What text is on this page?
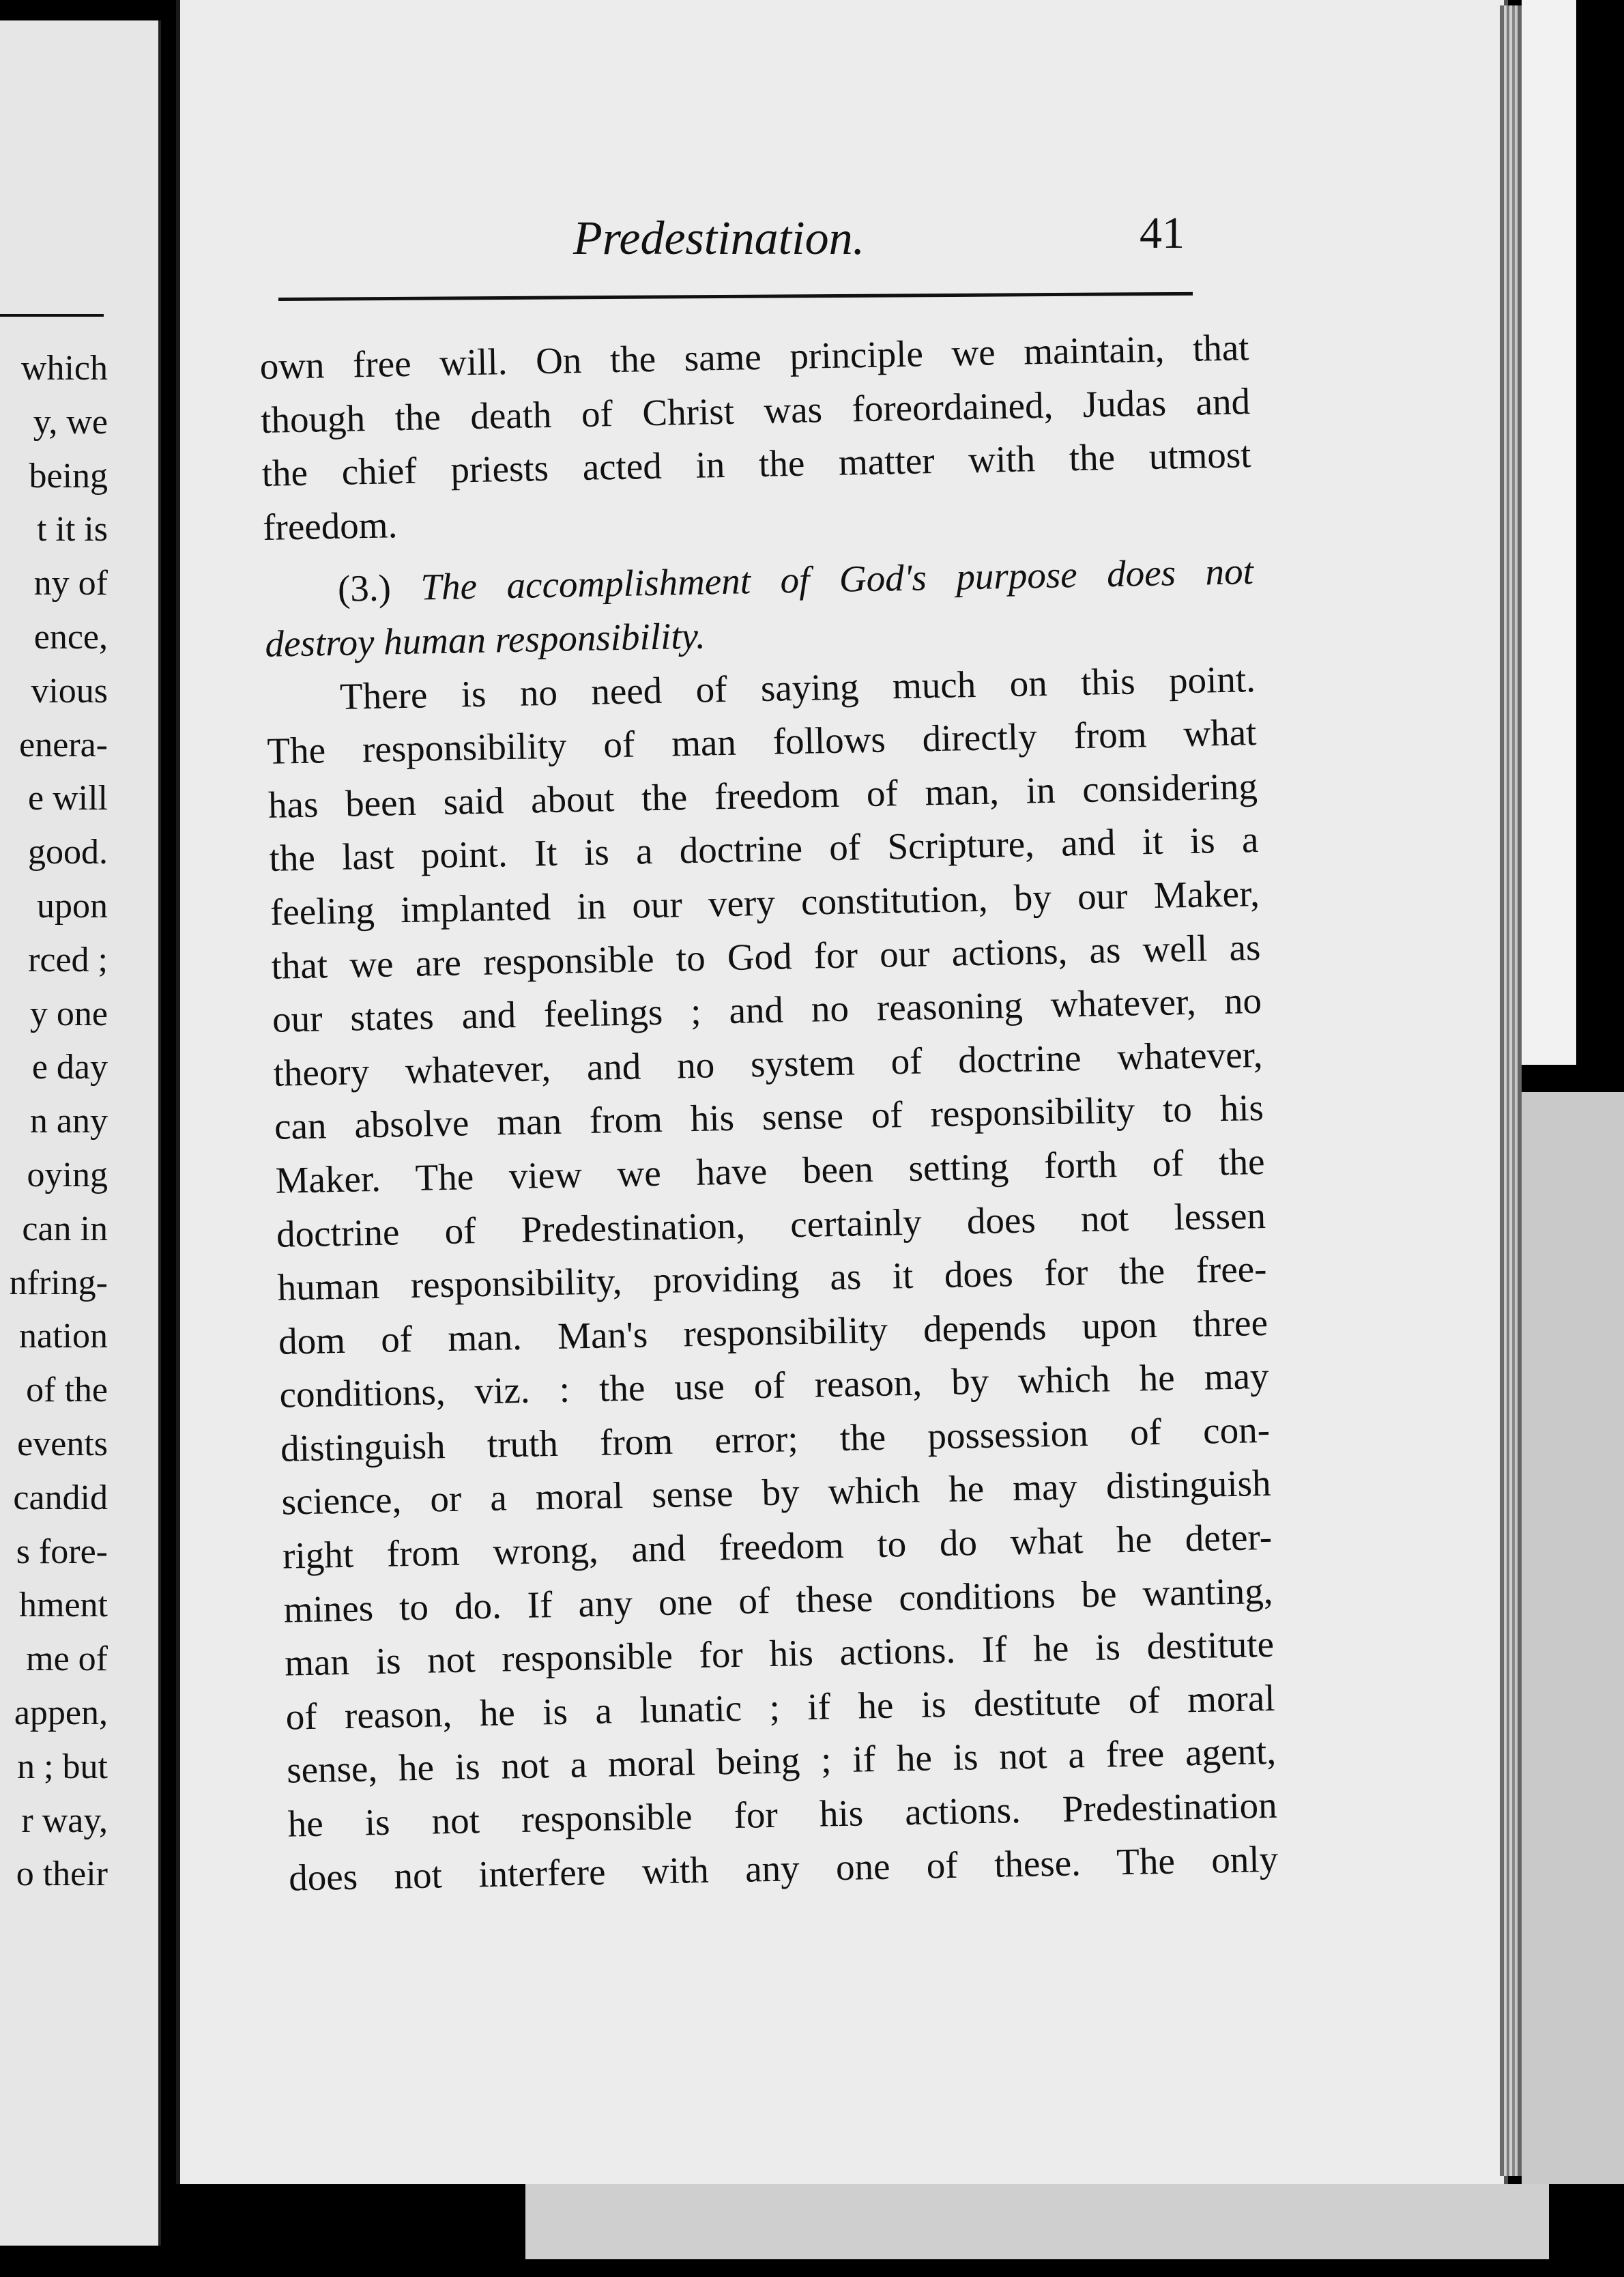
which
y, we
being
t it is
ny of
ence,
vious
enera-
e will
good.
upon
rced ;
y one
e day
n any
oying
can in
nfring-
nation
of the
events
candid
s fore-
hment
me of
appen,
n ; but
r way,
o their
Predestination.	41
own free will. On the same principle we maintain, that
though the death of Christ was foreordained, Judas and
the chief priests acted in the matter with the utmost
freedom.
(3.) The accomplishment of God's purpose does not
destroy human responsibility.
There is no need of saying much on this point.
The responsibility of man follows directly from what
has been said about the freedom of man, in considering
the last point. It is a doctrine of Scripture, and it is a
feeling implanted in our very constitution, by our Maker,
that we are responsible to God for our actions, as well as
our states and feelings ; and no reasoning whatever, no
theory whatever, and no system of doctrine whatever,
can absolve man from his sense of responsibility to his
Maker. The view we have been setting forth of the
doctrine of Predestination, certainly does not lessen
human responsibility, providing as it does for the free-
dom of man. Man's responsibility depends upon three
conditions, viz. : the use of reason, by which he may
distinguish truth from error; the possession of con-
science, or a moral sense by which he may distinguish
right from wrong, and freedom to do what he deter-
mines to do. If any one of these conditions be wanting,
man is not responsible for his actions. If he is destitute
of reason, he is a lunatic ; if he is destitute of moral
sense, he is not a moral being ; if he is not a free agent,
he is not responsible for his actions. Predestination
does not interfere with any one of these. The only
